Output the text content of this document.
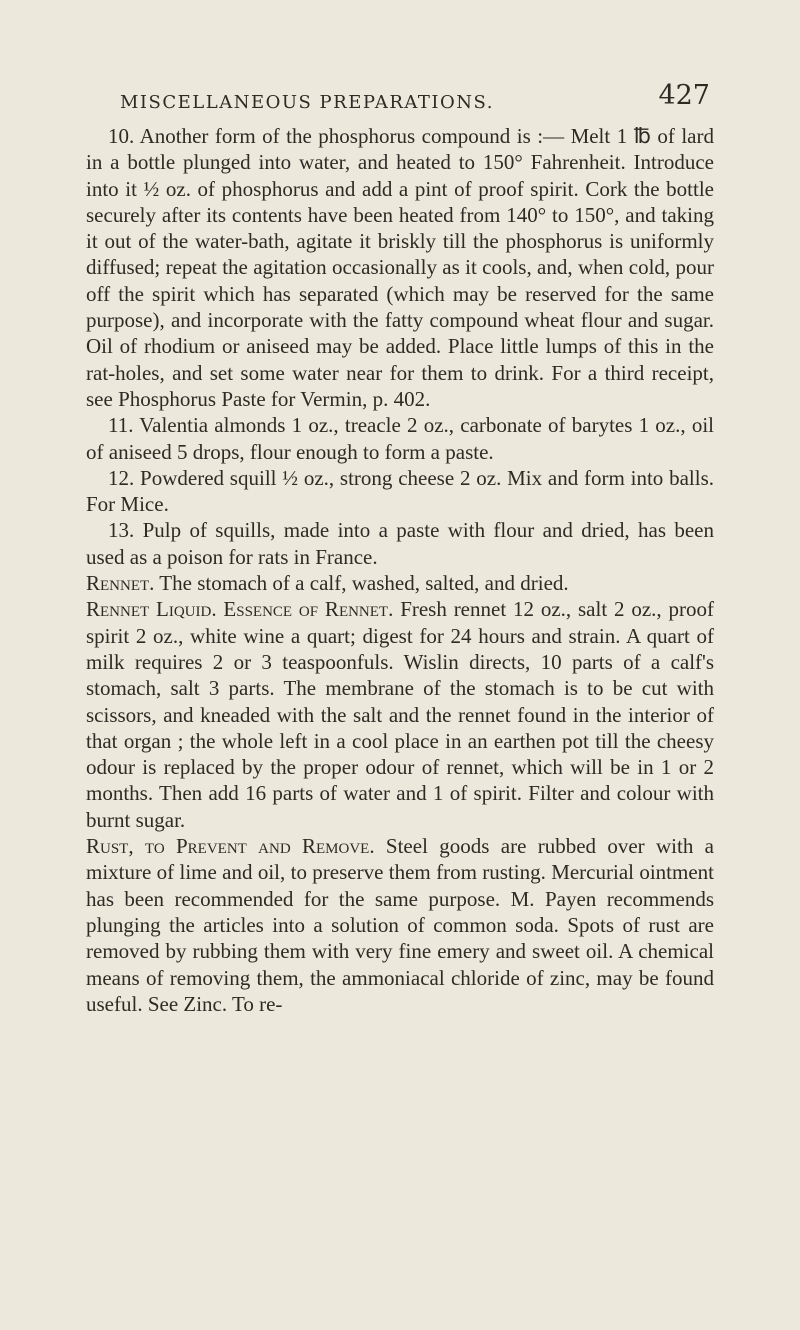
MISCELLANEOUS PREPARATIONS.	427

10. Another form of the phosphorus compound is :— Melt 1 ℔ of lard in a bottle plunged into water, and heated to 150° Fahrenheit. Introduce into it ½ oz. of phosphorus and add a pint of proof spirit. Cork the bottle securely after its contents have been heated from 140° to 150°, and taking it out of the water-bath, agitate it briskly till the phosphorus is uniformly diffused; repeat the agitation occasionally as it cools, and, when cold, pour off the spirit which has separated (which may be reserved for the same purpose), and incorporate with the fatty compound wheat flour and sugar. Oil of rhodium or aniseed may be added. Place little lumps of this in the rat-holes, and set some water near for them to drink. For a third receipt, see Phosphorus Paste for Vermin, p. 402.

11. Valentia almonds 1 oz., treacle 2 oz., carbonate of barytes 1 oz., oil of aniseed 5 drops, flour enough to form a paste.

12. Powdered squill ½ oz., strong cheese 2 oz. Mix and form into balls. For Mice.

13. Pulp of squills, made into a paste with flour and dried, has been used as a poison for rats in France.

Rennet. The stomach of a calf, washed, salted, and dried.

Rennet Liquid. Essence of Rennet. Fresh rennet 12 oz., salt 2 oz., proof spirit 2 oz., white wine a quart; digest for 24 hours and strain. A quart of milk requires 2 or 3 teaspoonfuls. Wislin directs, 10 parts of a calf's stomach, salt 3 parts. The membrane of the stomach is to be cut with scissors, and kneaded with the salt and the rennet found in the interior of that organ ; the whole left in a cool place in an earthen pot till the cheesy odour is replaced by the proper odour of rennet, which will be in 1 or 2 months. Then add 16 parts of water and 1 of spirit. Filter and colour with burnt sugar.

Rust, to Prevent and Remove. Steel goods are rubbed over with a mixture of lime and oil, to preserve them from rusting. Mercurial ointment has been recommended for the same purpose. M. Payen recommends plunging the articles into a solution of common soda. Spots of rust are removed by rubbing them with very fine emery and sweet oil. A chemical means of removing them, the ammoniacal chloride of zinc, may be found useful. See Zinc. To re-
